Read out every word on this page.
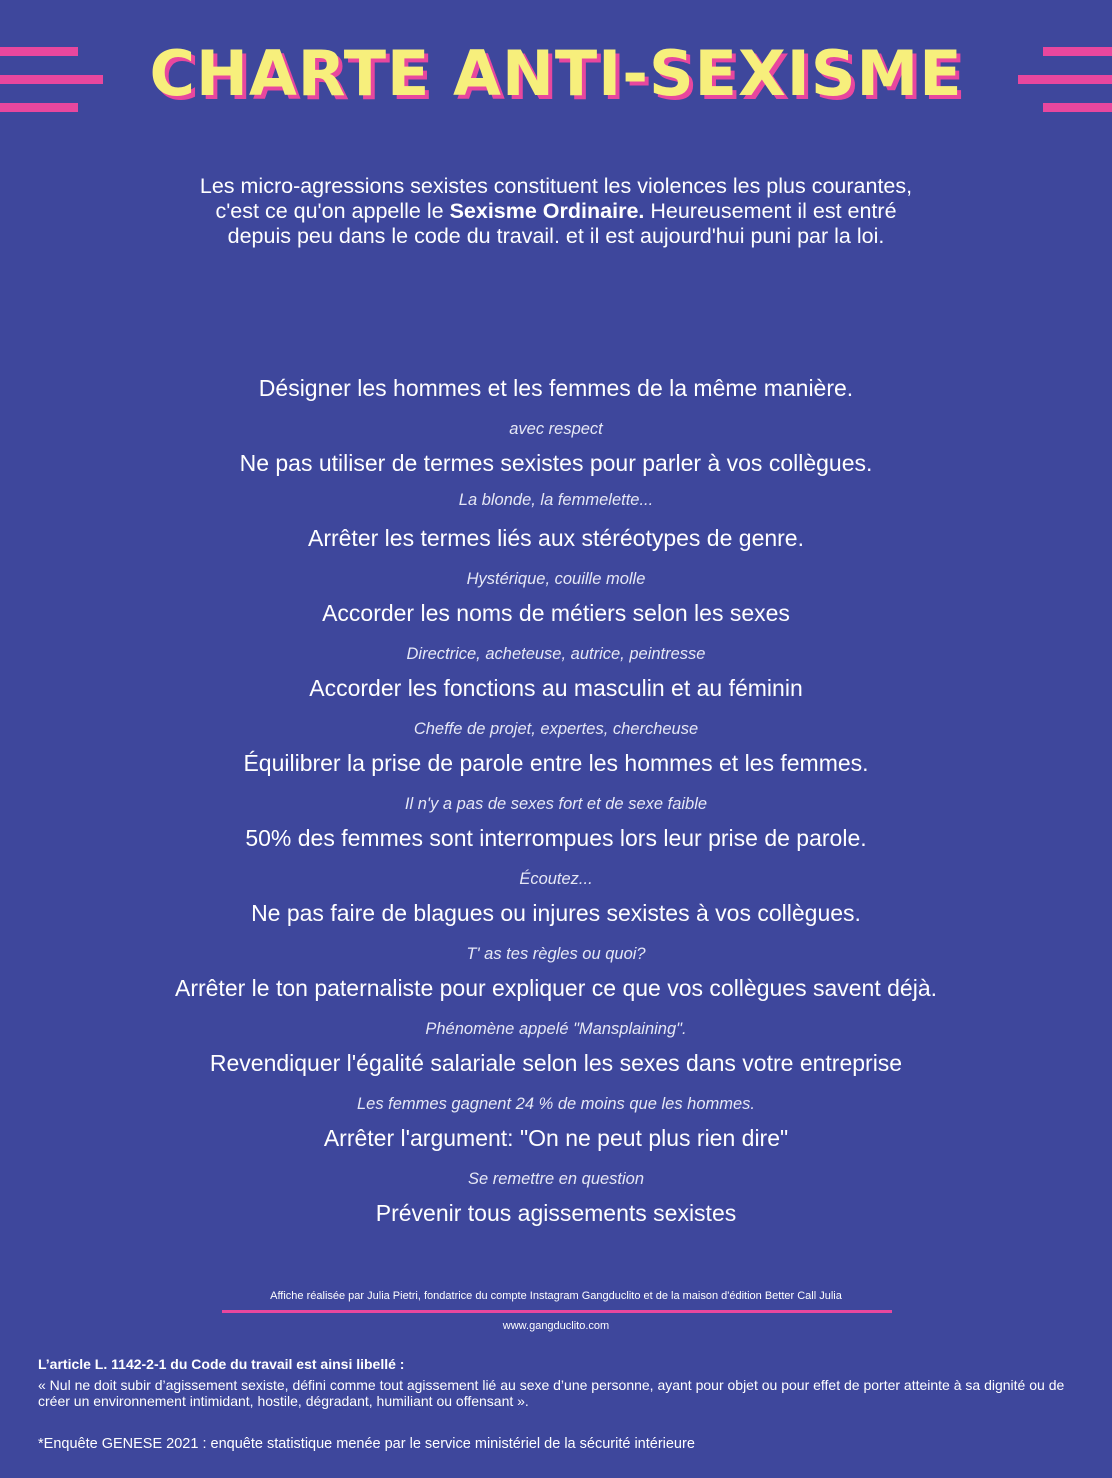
CHARTE ANTI-SEXISME

Les micro-agressions sexistes constituent les violences les plus courantes,

c'est ce qu'on appelle le Sexisme Ordinaire. Heureusement il est entré

depuis peu dans le code du travail. et il est aujourd'hui puni par la loi.

Désigner les hommes et les femmes de la même manière.
avec respect
Ne pas utiliser de termes sexistes pour parler à vos collègues.
La blonde, la femmelette...
Arrêter les termes liés aux stéréotypes de genre.
Hystérique, couille molle
Accorder les noms de métiers selon les sexes
Directrice, acheteuse, autrice, peintresse
Accorder les fonctions au masculin et au féminin
Cheffe de projet, expertes, chercheuse
Équilibrer la prise de parole entre les hommes et les femmes.
Il n'y a pas de sexes fort et de sexe faible
50% des femmes sont interrompues lors leur prise de parole.
Écoutez...
Ne pas faire de blagues ou injures sexistes à vos collègues.
T' as tes règles ou quoi?
Arrêter le ton paternaliste pour expliquer ce que vos collègues savent déjà.
Phénomène appelé "Mansplaining".
Revendiquer l'égalité salariale selon les sexes dans votre entreprise
Les femmes gagnent 24 % de moins que les hommes.
Arrêter l'argument: "On ne peut plus rien dire"
Se remettre en question
Prévenir tous agissements sexistes
Affiche réalisée par Julia Pietri, fondatrice du compte Instagram Gangduclito et de la maison d'édition Better Call Julia
www.gangduclito.com
L’article L. 1142-2-1 du Code du travail est ainsi libellé :
« Nul ne doit subir d’agissement sexiste, défini comme tout agissement lié au sexe d’une personne, ayant pour objet ou pour effet de porter atteinte à sa dignité ou de créer un environnement intimidant, hostile, dégradant, humiliant ou offensant ».
*Enquête GENESE 2021 : enquête statistique menée par le service ministériel de la sécurité intérieure
